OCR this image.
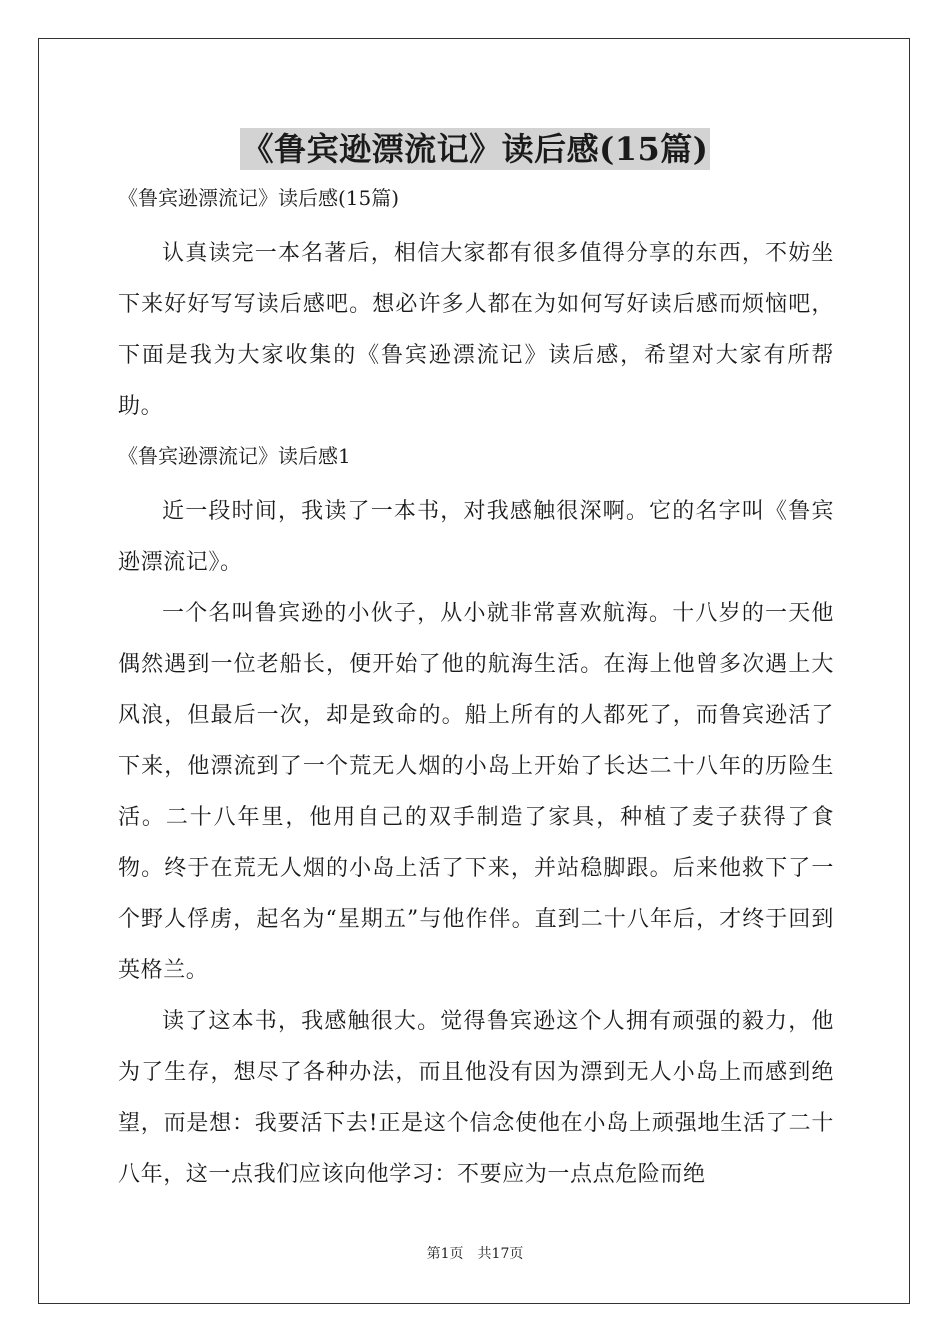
《鲁宾逊漂流记》读后感(15篇)

《鲁宾逊漂流记》读后感(15篇)

认真读完一本名著后，相信大家都有很多值得分享的东西，不妨坐下来好好写写读后感吧。想必许多人都在为如何写好读后感而烦恼吧，下面是我为大家收集的《鲁宾逊漂流记》读后感，希望对大家有所帮助。

《鲁宾逊漂流记》读后感1

近一段时间，我读了一本书，对我感触很深啊。它的名字叫《鲁宾逊漂流记》。

一个名叫鲁宾逊的小伙子，从小就非常喜欢航海。十八岁的一天他偶然遇到一位老船长，便开始了他的航海生活。在海上他曾多次遇上大风浪，但最后一次，却是致命的。船上所有的人都死了，而鲁宾逊活了下来，他漂流到了一个荒无人烟的小岛上开始了长达二十八年的历险生活。二十八年里，他用自己的双手制造了家具，种植了麦子获得了食物。终于在荒无人烟的小岛上活了下来，并站稳脚跟。后来他救下了一个野人俘虏，起名为“星期五”与他作伴。直到二十八年后，才终于回到英格兰。

读了这本书，我感触很大。觉得鲁宾逊这个人拥有顽强的毅力，他为了生存，想尽了各种办法，而且他没有因为漂到无人小岛上而感到绝望，而是想：我要活下去!正是这个信念使他在小岛上顽强地生活了二十八年，这一点我们应该向他学习：不要应为一点点危险而绝

第1页 共17页
